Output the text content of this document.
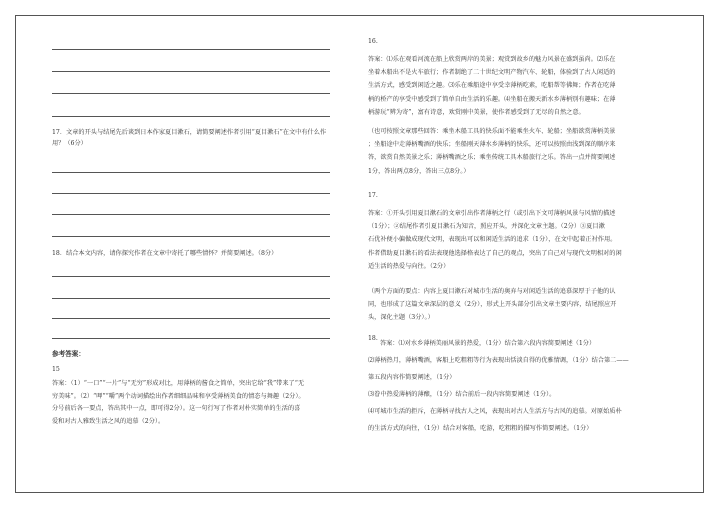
17．文章的开头与结尾先后谈到日本作家夏目漱石，请简要阐述作者引用“夏目漱石”在文中有什么作用？（6分）

18．结合本文内容，请你探究作者在文章中寄托了哪些情怀？并简要阐述。（8分）

参考答案：

15

答案：（1）“一口”“一片”与“无穷”形成对比，用薄柄的酱食之简单，突出它给“我”带来了“无
穷美味”。（2）“呷”“嚼”两个动词描绘出作者细细品味和享受薄柄美食的情态与舞趣（2分）。
分号前后各一要点，答出其中一点，即可得2分）。这一句行写了作者对朴实简单的生活的喜
爱和对古人雅致生活之风的追慕（2分）。

16.

答案：⑴乐在观看河流在船上欣赏两岸的美景；观赏到故乡的魅力风景在盛到虽尚。⑵乐在
坐着木船出不是火车旅行；作者制绝了二十世纪文明产物汽车、轮船，体验到了古人闲适的
生活方式，感受到闲适之趣。⑶乐在乘船途中享受幸薄柄吃素，吃船帮等佛舞；作者在吃薄
柄的桥产的享受中感受到了简单自由生活的乐趣。⑷坐船在搬天新水乡薄柄别有趣味；在薄
柄游玩“辨为寄”，富有诗意，欢赏刚中美景，使作者感受到了无尽的自然之意。
（也可按照文章那些回答：乘坐木船工具的快乐面不能乘坐火车、轮船；坐船欲赏薄柄美景
；坐船途中走薄柄嘴酒的快乐；坐船刚天薄水乡薄柄的快乐，还可以按照由浅到深的顺序来
答，欲赏自然美景之乐；薄柄嘴酒之乐；乘坐传统工具木船旅行之乐。答出一点并简要阐述
1分，答出两点8分，答出三点8分。）

17.

答案：①开头引用夏目漱石的文章引出作者薄柄之行（或引出下文可薄柄风景与风情的描述
（1分）；②结尾作者引夏目漱石为知音，照应开头，并深化文章主题。（2分）③夏目漱
石优补便小偏做成现代文明，表现出可以和闲适生活的追求（1分），在文中起着正衬作用。
作者借助夏目漱石的看法表现他选择格表达了自己的观点，突出了自己对与现代文明相对的闲
适生活的热爱与向往。（2分）
（两个方面的要点：内容上夏目漱石对城市生活的奥弃与对闲适生活的追慕深厚于子他的认
同，也形成了这篇文章深层的意义（2分），形式上开头部分引出文章主要内容，结尾照应开
头，深化主题（3分）。）

18.

答案：⑴对水乡薄柄美丽风景的热爱，（1分）结合第六段内容简要阐述（1分）
⑵薄柄热月，薄柄嘴酒，客船上吃粗粗等行为表现出恬淡自得的优雅情调，（1分）结合第二——
第五段内容作简要阐述，（1分）
⑶眷中热爱薄柄的薄酿，（1分）结合前后一段内容简要阐述（1分）。
⑷可城市生活的拒斥，在薄柄寻找古人之风，表现出对古人生活方与古风的追慕。对原始质朴
的生活方式的向往，（1分）结合对客船，吃游，吃粗粗的描写作简要阐述。（1分）
